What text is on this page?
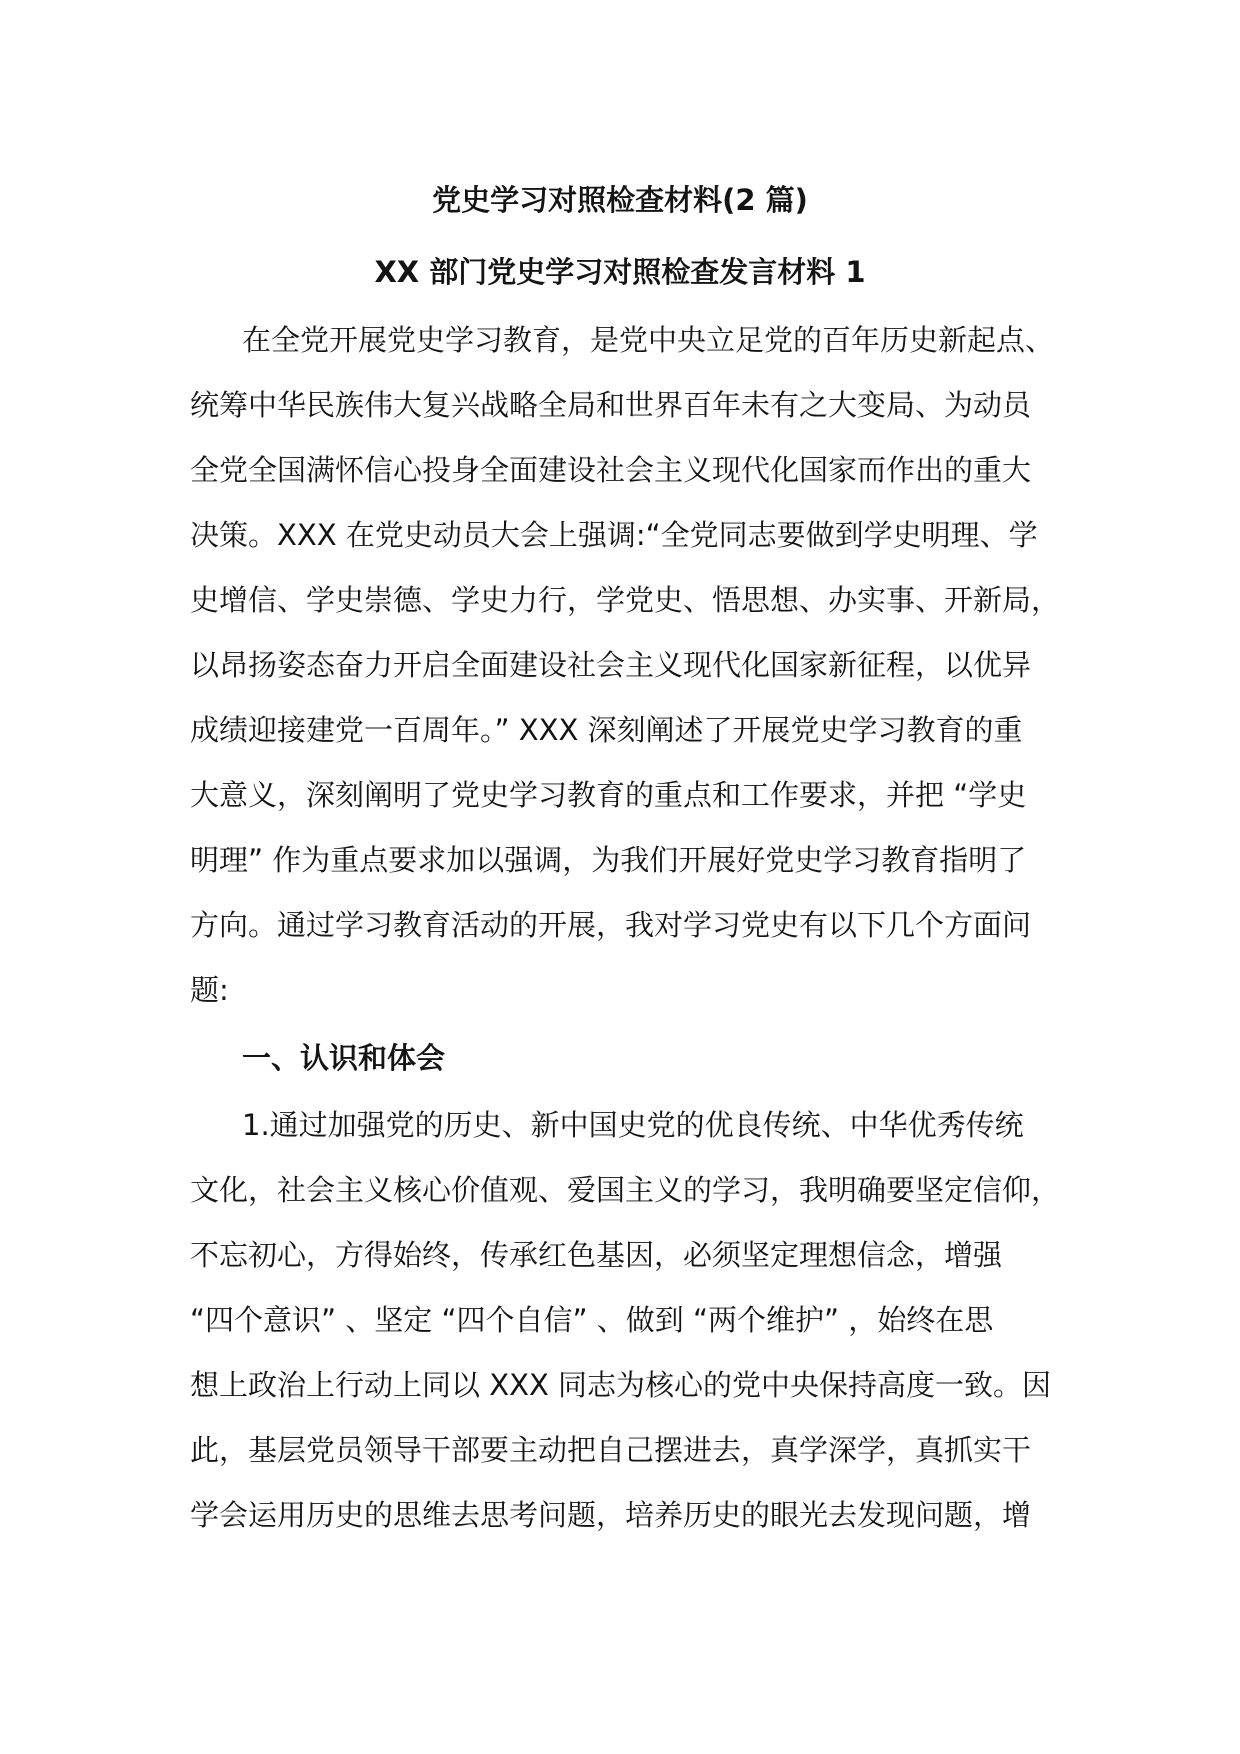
党史学习对照检查材料(2 篇)
XX 部门党史学习对照检查发言材料 1
在全党开展党史学习教育，是党中央立足党的百年历史新起点、
统筹中华民族伟大复兴战略全局和世界百年未有之大变局、为动员
全党全国满怀信心投身全面建设社会主义现代化国家而作出的重大
决策。XXX 在党史动员大会上强调:“全党同志要做到学史明理、学
史增信、学史崇德、学史力行，学党史、悟思想、办实事、开新局，
以昂扬姿态奋力开启全面建设社会主义现代化国家新征程，以优异
成绩迎接建党一百周年。” XXX 深刻阐述了开展党史学习教育的重
大意义，深刻阐明了党史学习教育的重点和工作要求，并把 “学史
明理” 作为重点要求加以强调，为我们开展好党史学习教育指明了
方向。通过学习教育活动的开展，我对学习党史有以下几个方面问
题:
一、认识和体会
1.通过加强党的历史、新中国史党的优良传统、中华优秀传统
文化，社会主义核心价值观、爱国主义的学习，我明确要坚定信仰，
不忘初心，方得始终，传承红色基因，必须坚定理想信念，增强
“四个意识” 、坚定 “四个自信” 、做到 “两个维护” ，始终在思
想上政治上行动上同以 XXX 同志为核心的党中央保持高度一致。因
此，基层党员领导干部要主动把自己摆进去，真学深学，真抓实干
学会运用历史的思维去思考问题，培养历史的眼光去发现问题，增
